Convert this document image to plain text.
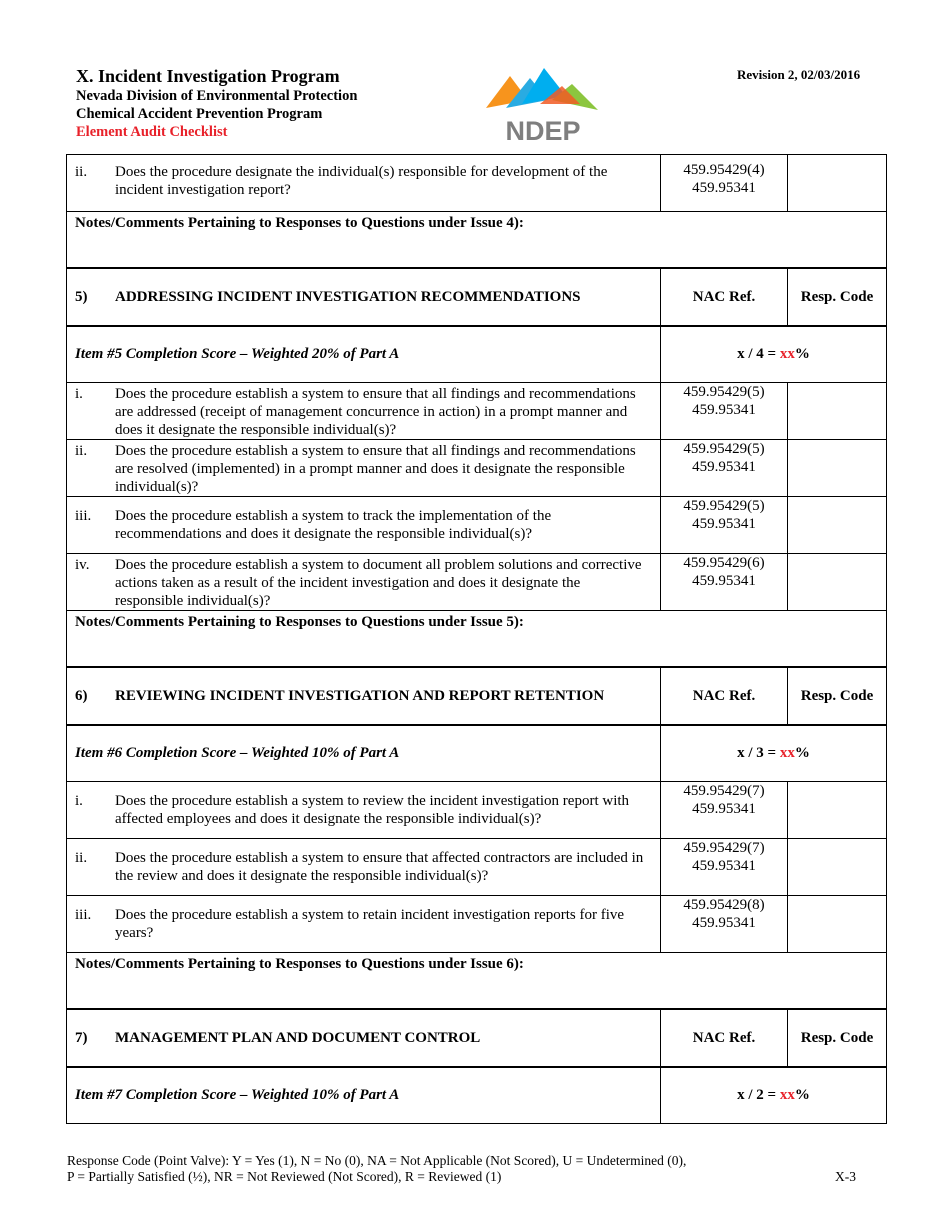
X. Incident Investigation Program
Nevada Division of Environmental Protection
Chemical Accident Prevention Program
Element Audit Checklist	NDEP
Revision 2, 02/03/2016
ii. Does the procedure designate the individual(s) responsible for development of the incident investigation report?	459.95429(4)
459.95341	

Notes/Comments Pertaining to Responses to Questions under Issue 4):		
5) ADDRESSING INCIDENT INVESTIGATION RECOMMENDATIONS	NAC Ref.	Resp. Code
Item #5 Completion Score – Weighted 20% of Part A	x / 4 = xx%	
i. Does the procedure establish a system to ensure that all findings and recommendations are addressed (receipt of management concurrence in action) in a prompt manner and does it designate the responsible individual(s)?	459.95429(5)
459.95341	

ii. Does the procedure establish a system to ensure that all findings and recommendations are resolved (implemented) in a prompt manner and does it designate the responsible individual(s)?	459.95429(5)
459.95341	

iii. Does the procedure establish a system to track the implementation of the recommendations and does it designate the responsible individual(s)?	459.95429(5)
459.95341	

iv. Does the procedure establish a system to document all problem solutions and corrective actions taken as a result of the incident investigation and does it designate the responsible individual(s)?	459.95429(6)
459.95341	

Notes/Comments Pertaining to Responses to Questions under Issue 5):		
6) REVIEWING INCIDENT INVESTIGATION AND REPORT RETENTION	NAC Ref.	Resp. Code
Item #6 Completion Score – Weighted 10% of Part A	x / 3 = xx%	
i. Does the procedure establish a system to review the incident investigation report with affected employees and does it designate the responsible individual(s)?	459.95429(7)
459.95341	

ii. Does the procedure establish a system to ensure that affected contractors are included in the review and does it designate the responsible individual(s)?	459.95429(7)
459.95341	

iii. Does the procedure establish a system to retain incident investigation reports for five years?	459.95429(8)
459.95341	

Notes/Comments Pertaining to Responses to Questions under Issue 6):		
7) MANAGEMENT PLAN AND DOCUMENT CONTROL	NAC Ref.	Resp. Code
Item #7 Completion Score – Weighted 10% of Part A	x / 2 = xx%	
Response Code (Point Valve): Y = Yes (1), N = No (0), NA = Not Applicable (Not Scored), U = Undetermined (0),
P = Partially Satisfied (½), NR = Not Reviewed (Not Scored), R = Reviewed (1)	X-3
